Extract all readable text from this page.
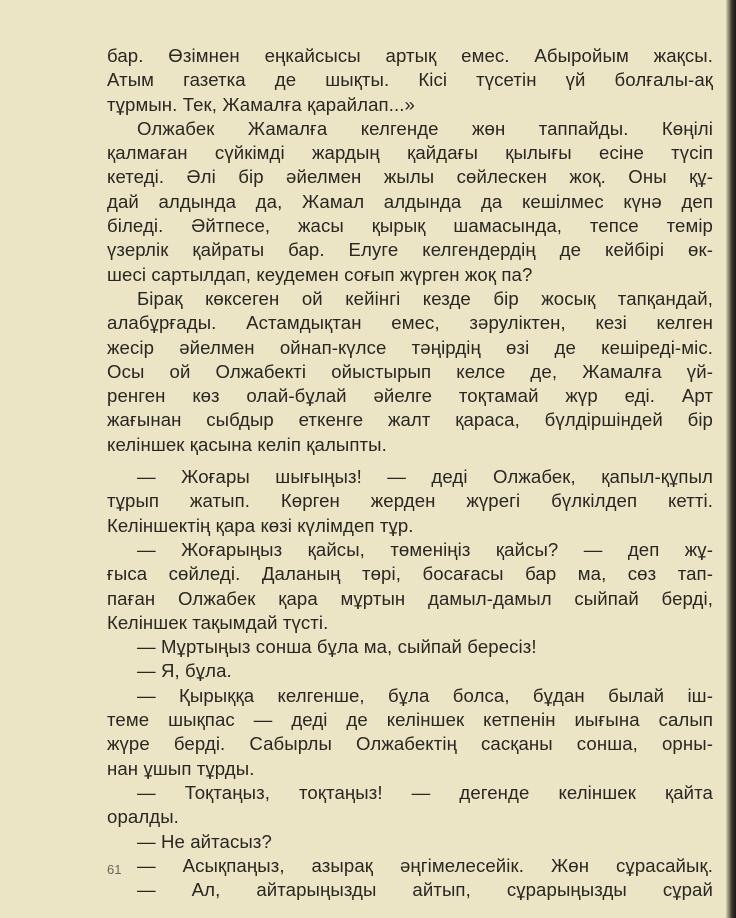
бар. Өзімнен еңкайсысы артық емес. Абыройым жақсы.
Атым газетка де шықты. Кісі түсетін үй болғалы-ақ
тұрмын. Тек, Жамалға қарайлап...»
Олжабек Жамалға келгенде жөн таппайды. Көңілі
қалмаған сүйкімді жардың қайдағы қылығы есіне түсіп
кетеді. Әлі бір әйелмен жылы сөйлескен жоқ. Оны құ-
дай алдында да, Жамал алдында да кешілмес күнә деп
біледі. Әйтпесе, жасы қырық шамасында, тепсе темір
үзерлік қайраты бар. Елуге келгендердің де кейбірі өк-
шесі сартылдап, кеудемен соғып жүрген жоқ па?
Бірақ көксеген ой кейінгі кезде бір жосық тапқандай,
алабұрғады. Астамдықтан емес, зәруліктен, кезі келген
жесір әйелмен ойнап-күлсе тәңірдің өзі де кешіреді-міс.
Осы ой Олжабекті ойыстырып келсе де, Жамалға үй-
ренген көз олай-бұлай әйелге тоқтамай жүр еді. Арт
жағынан сыбдыр еткенге жалт қараса, бүлдіршіндей бір
келіншек қасына келіп қалыпты.
— Жоғары шығыңыз! — деді Олжабек, қапыл-құпыл
тұрып жатып. Көрген жерден жүрегі бүлкілдеп кетті.
Келіншектің қара көзі күлімдеп тұр.
— Жоғарыңыз қайсы, төменіңіз қайсы? — деп жұ-
ғыса сөйледі. Даланың төрі, босағасы бар ма, сөз тап-
паған Олжабек қара мұртын дамыл-дамыл сыйпай берді,
Келіншек тақымдай түсті.
— Мұртыңыз сонша бұла ма, сыйпай бересіз!
— Я, бұла.
— Қырыққа келгенше, бұла болса, бұдан былай іш-
теме шықпас — деді де келіншек кетпенін иығына салып
жүре берді. Сабырлы Олжабектің сасқаны сонша, орны-
нан ұшып тұрды.
— Тоқтаңыз, тоқтаңыз! — дегенде келіншек қайта
оралды.
— Не айтасыз?
— Асықпаңыз, азырақ әңгімелесейік. Жөн сұрасайық.
— Ал, айтарыңызды айтып, сұрарыңызды сұрай
61
